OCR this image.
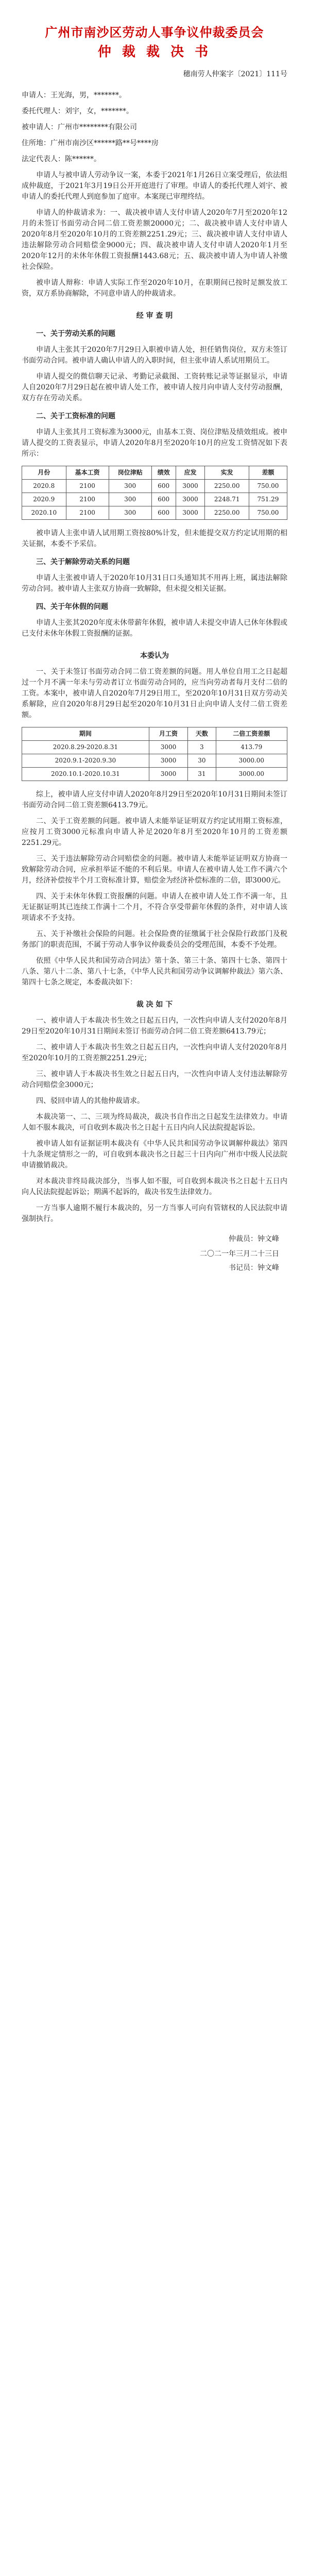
广州市南沙区劳动人事争议仲裁委员会
仲 裁 裁 决 书
穗南劳人仲案字〔2021〕111号
申请人：王光海，男，*******。
委托代理人：刘宇，女，*******。
被申请人：广州市********有限公司
住所地：广州市南沙区******路**号****房
法定代表人：陈******。
申请人与被申请人劳动争议一案，本委于2021年1月26日立案受理后，依法组成仲裁庭，于2021年3月19日公开开庭进行了审理。申请人的委托代理人刘宇、被申请人的委托代理人到庭参加了庭审。本案现已审理终结。
申请人的仲裁请求为：一、裁决被申请人支付申请人2020年7月至2020年12月的未签订书面劳动合同二倍工资差额20000元；二、裁决被申请人支付申请人2020年8月至2020年10月的工资差额2251.29元；三、裁决被申请人支付申请人违法解除劳动合同赔偿金9000元；四、裁决被申请人支付申请人2020年1月至2020年12月的未休年休假工资报酬1443.68元；五、裁决被申请人为申请人补缴社会保险。
被申请人辩称：申请人实际工作至2020年10月，在职期间已按时足额发放工资，双方系协商解除，不同意申请人的仲裁请求。
经 审 查 明
一、关于劳动关系的问题
申请人主张其于2020年7月29日入职被申请人处，担任销售岗位，双方未签订书面劳动合同。被申请人确认申请人的入职时间，但主张申请人系试用期员工。
申请人提交的微信聊天记录、考勤记录截图、工资转账记录等证据显示，申请人自2020年7月29日起在被申请人处工作，被申请人按月向申请人支付劳动报酬，双方存在劳动关系。
二、关于工资标准的问题
申请人主张其月工资标准为3000元，由基本工资、岗位津贴及绩效组成。被申请人提交的工资表显示，申请人2020年8月至2020年10月的应发工资情况如下表所示：
月份	基本工资	岗位津贴	绩效	应发	实发	差额
2020.8	2100	300	600	3000	2250.00	750.00
2020.9	2100	300	600	3000	2248.71	751.29
2020.10	2100	300	600	3000	2250.00	750.00
被申请人主张申请人试用期工资按80%计发，但未能提交双方约定试用期的相关证据，本委不予采信。
三、关于解除劳动关系的问题
申请人主张被申请人于2020年10月31日口头通知其不用再上班，属违法解除劳动合同。被申请人主张双方协商一致解除，但未提交相关证据。
四、关于年休假的问题
申请人主张其2020年度未休带薪年休假，被申请人未提交申请人已休年休假或已支付未休年休假工资报酬的证据。
本委认为
一、关于未签订书面劳动合同二倍工资差额的问题。用人单位自用工之日起超过一个月不满一年未与劳动者订立书面劳动合同的，应当向劳动者每月支付二倍的工资。本案中，被申请人自2020年7月29日用工，至2020年10月31日双方劳动关系解除，应自2020年8月29日起至2020年10月31日止向申请人支付二倍工资差额。
期间	月工资	天数	二倍工资差额
2020.8.29-2020.8.31	3000	3	413.79
2020.9.1-2020.9.30	3000	30	3000.00
2020.10.1-2020.10.31	3000	31	3000.00
综上，被申请人应支付申请人2020年8月29日至2020年10月31日期间未签订书面劳动合同二倍工资差额6413.79元。
二、关于工资差额的问题。被申请人未能举证证明双方约定试用期工资标准，应按月工资3000元标准向申请人补足2020年8月至2020年10月的工资差额2251.29元。
三、关于违法解除劳动合同赔偿金的问题。被申请人未能举证证明双方协商一致解除劳动合同，应承担举证不能的不利后果。申请人在被申请人处工作不满六个月，经济补偿按半个月工资标准计算，赔偿金为经济补偿标准的二倍，即3000元。
四、关于未休年休假工资报酬的问题。申请人在被申请人处工作不满一年，且无证据证明其已连续工作满十二个月，不符合享受带薪年休假的条件，对申请人该项请求不予支持。
五、关于补缴社会保险的问题。社会保险费的征缴属于社会保险行政部门及税务部门的职责范围，不属于劳动人事争议仲裁委员会的受理范围，本委不予处理。
依照《中华人民共和国劳动合同法》第十条、第三十条、第四十七条、第四十八条、第八十二条、第八十七条，《中华人民共和国劳动争议调解仲裁法》第六条、第四十七条之规定，本委裁决如下：
裁 决 如 下
一、被申请人于本裁决书生效之日起五日内，一次性向申请人支付2020年8月29日至2020年10月31日期间未签订书面劳动合同二倍工资差额6413.79元；
二、被申请人于本裁决书生效之日起五日内，一次性向申请人支付2020年8月至2020年10月的工资差额2251.29元；
三、被申请人于本裁决书生效之日起五日内，一次性向申请人支付违法解除劳动合同赔偿金3000元；
四、驳回申请人的其他仲裁请求。
本裁决第一、二、三项为终局裁决，裁决书自作出之日起发生法律效力。申请人如不服本裁决，可自收到本裁决书之日起十五日内向人民法院提起诉讼。
被申请人如有证据证明本裁决有《中华人民共和国劳动争议调解仲裁法》第四十九条规定情形之一的，可自收到本裁决书之日起三十日内向广州市中级人民法院申请撤销裁决。
对本裁决非终局裁决部分，当事人如不服，可自收到本裁决书之日起十五日内向人民法院提起诉讼；期满不起诉的，裁决书发生法律效力。
一方当事人逾期不履行本裁决的，另一方当事人可向有管辖权的人民法院申请强制执行。
仲裁员：钟文峰
二〇二一年三月二十三日
书记员：钟文峰
